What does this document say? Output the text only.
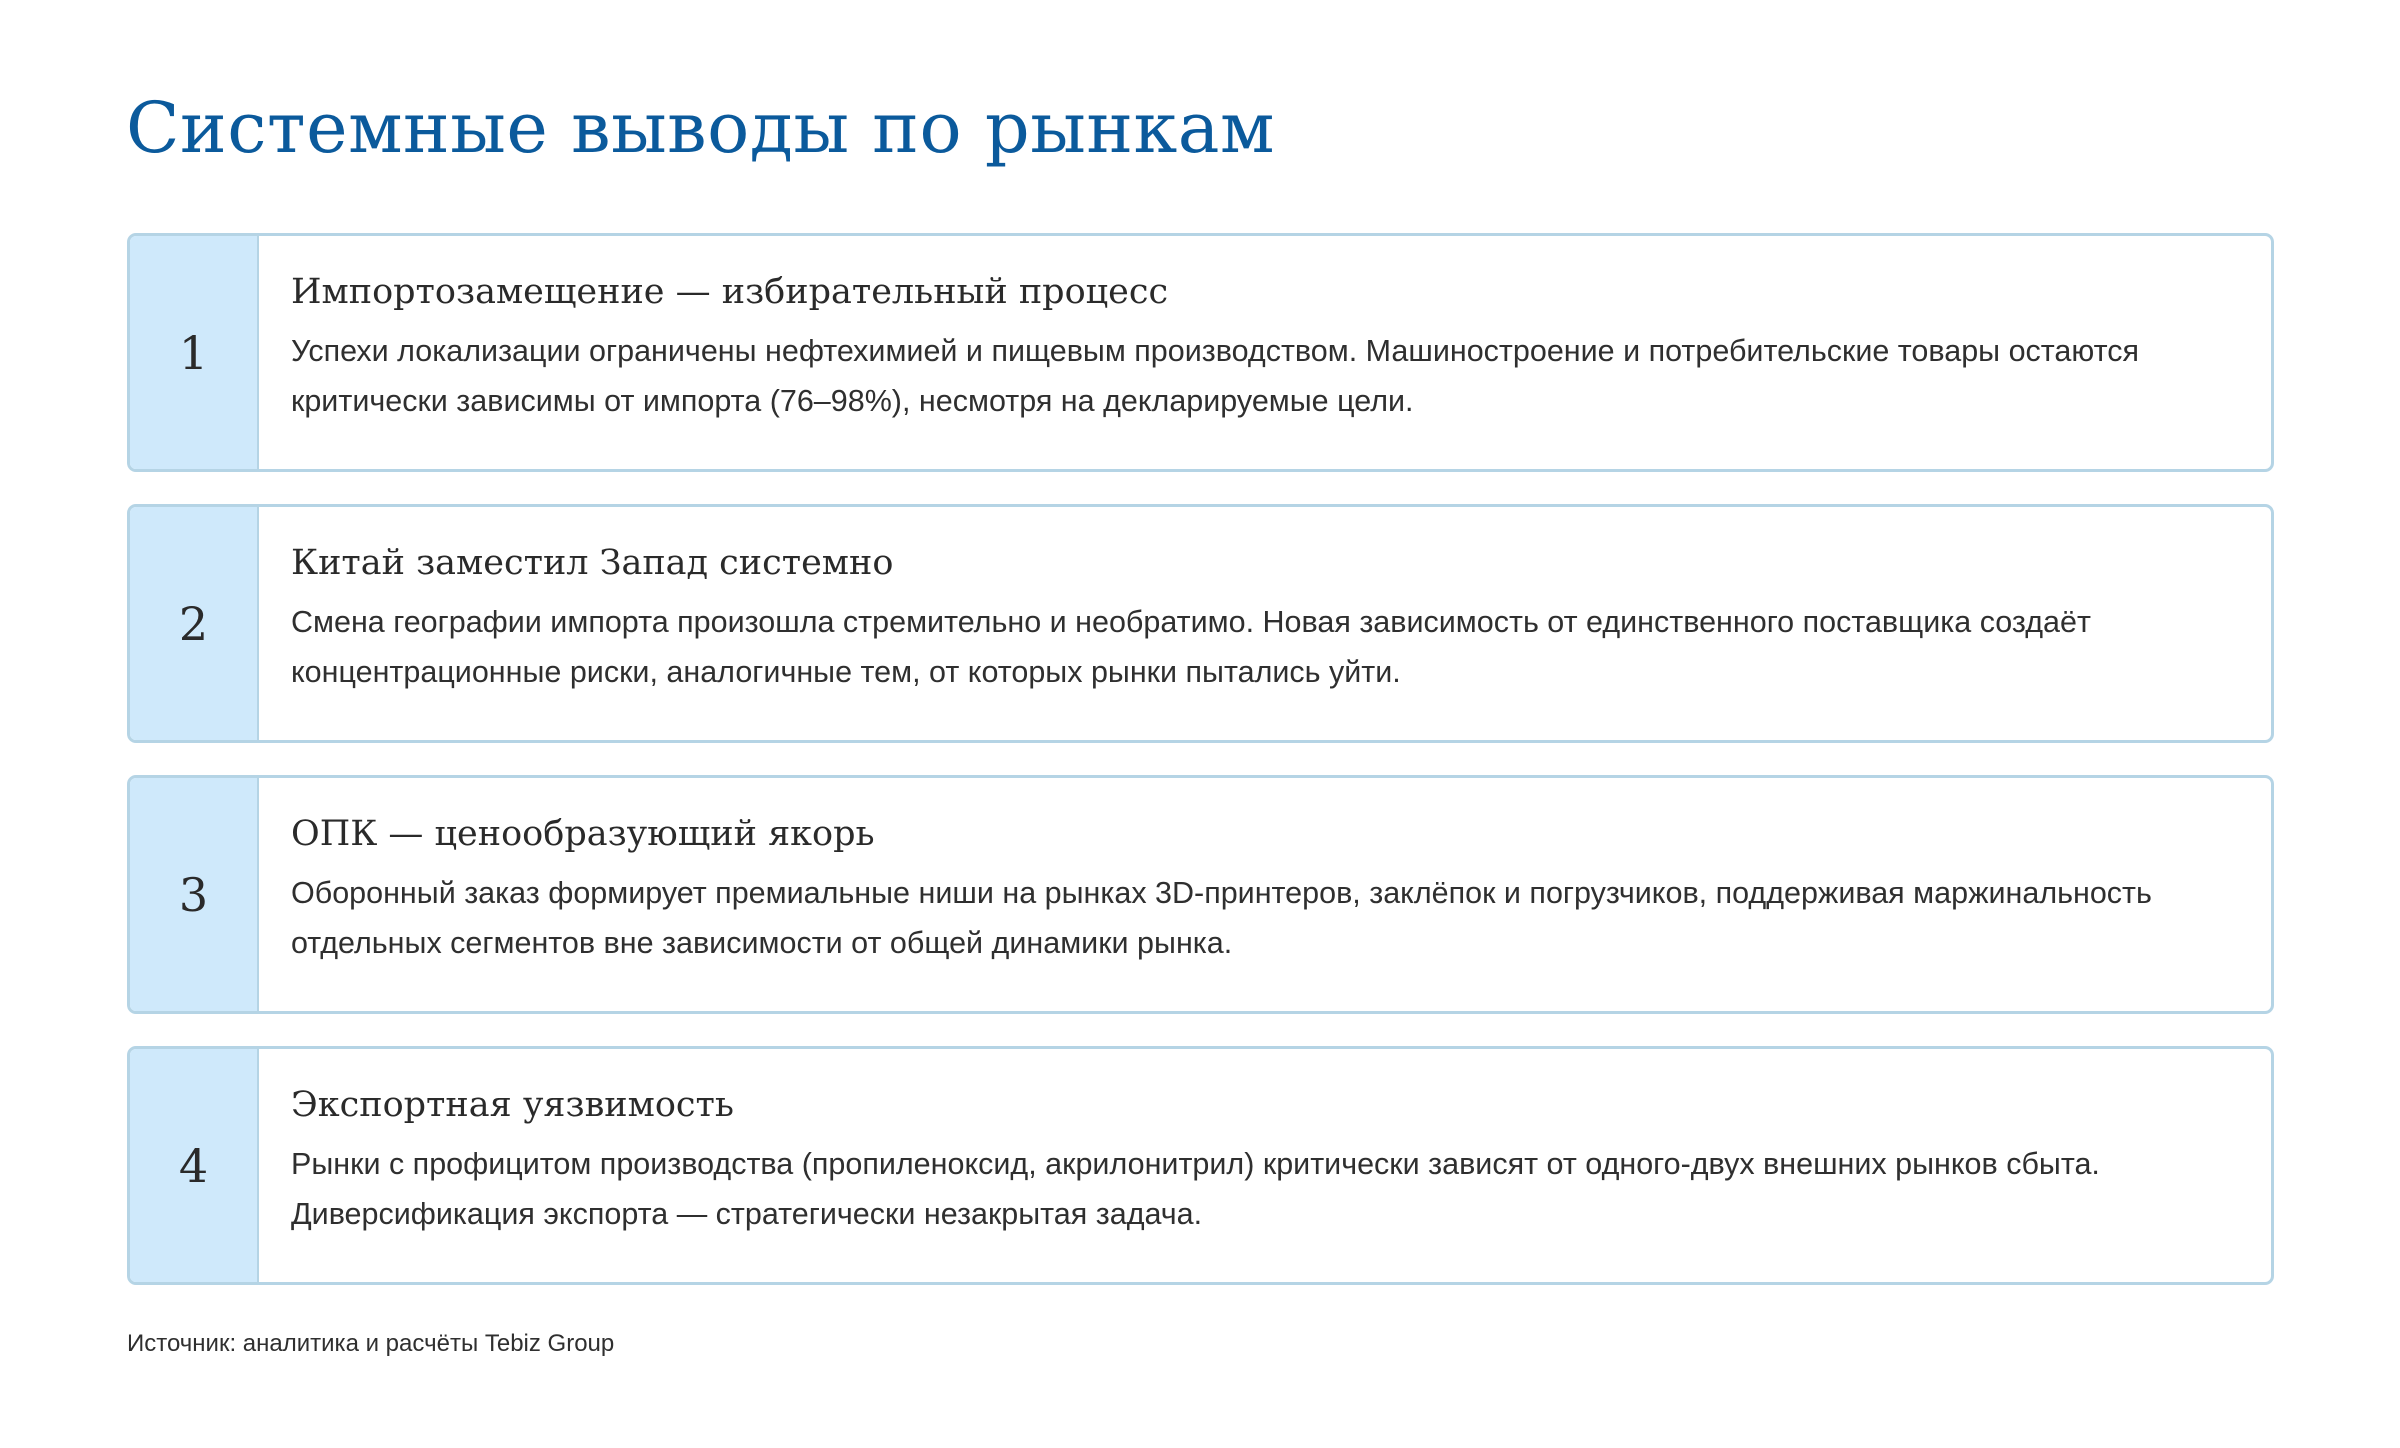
Системные выводы по рынкам
1
Импортозамещение — избирательный процесс

Успехи локализации ограничены нефтехимией и пищевым производством. Машиностроение и потребительские товары остаются критически зависимы от импорта (76–98%), несмотря на декларируемые цели.

2
Китай заместил Запад системно

Смена географии импорта произошла стремительно и необратимо. Новая зависимость от единственного поставщика создаёт концентрационные риски, аналогичные тем, от которых рынки пытались уйти.

3
ОПК — ценообразующий якорь

Оборонный заказ формирует премиальные ниши на рынках 3D-принтеров, заклёпок и погрузчиков, поддерживая маржинальность отдельных сегментов вне зависимости от общей динамики рынка.

4
Экспортная уязвимость

Рынки с профицитом производства (пропиленоксид, акрилонитрил) критически зависят от одного-двух внешних рынков сбыта. Диверсификация экспорта — стратегически незакрытая задача.

Источник: аналитика и расчёты Tebiz Group
